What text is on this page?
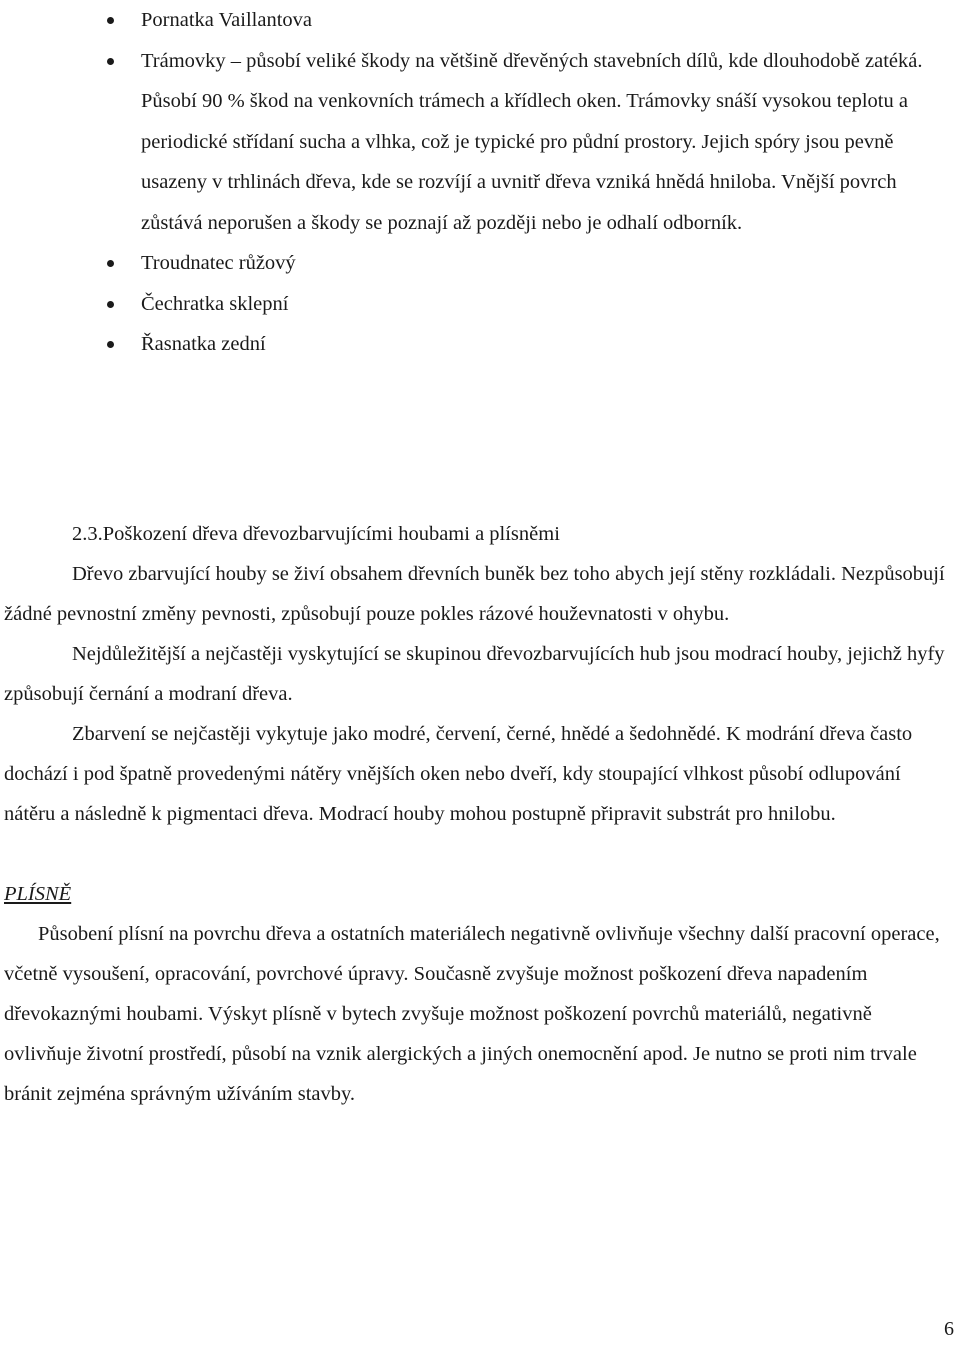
Pornatka Vaillantova
Trámovky – působí veliké škody na většině dřevěných stavebních dílů, kde dlouhodobě zatéká. Působí 90 % škod na venkovních trámech a křídlech oken. Trámovky snáší vysokou teplotu a periodické střídaní sucha a vlhka, což je typické pro půdní prostory. Jejich spóry jsou pevně usazeny v trhlinách dřeva, kde se rozvíjí a uvnitř dřeva vzniká hnědá hniloba. Vnější povrch zůstává neporušen a škody se poznají až později nebo je odhalí odborník.
Troudnatec růžový
Čechratka sklepní
Řasnatka zední
2.3.Poškození dřeva dřevozbarvujícími houbami a plísněmi

Dřevo zbarvující houby se živí obsahem dřevních buněk bez toho abych její stěny rozkládali. Nezpůsobují žádné pevnostní změny pevnosti, způsobují pouze pokles rázové houževnatosti v ohybu.

Nejdůležitější a nejčastěji vyskytující se skupinou dřevozbarvujících hub jsou modrací houby, jejichž hyfy způsobují černání a modraní dřeva.

Zbarvení se nejčastěji vykytuje jako modré, červení, černé, hnědé a šedohnědé. K modrání dřeva často dochází i pod špatně provedenými nátěry vnějších oken nebo dveří, kdy stoupající vlhkost působí odlupování nátěru a následně k pigmentaci dřeva. Modrací houby mohou postupně připravit substrát pro hnilobu.

PLÍSNĚ

Působení plísní na povrchu dřeva a ostatních materiálech negativně ovlivňuje všechny další pracovní operace, včetně vysoušení, opracování, povrchové úpravy. Současně zvyšuje možnost poškození dřeva napadením dřevokaznými houbami. Výskyt plísně v bytech zvyšuje možnost poškození povrchů materiálů, negativně ovlivňuje životní prostředí, působí na vznik alergických a jiných onemocnění apod. Je nutno se proti nim trvale bránit zejména správným užíváním stavby.

6
